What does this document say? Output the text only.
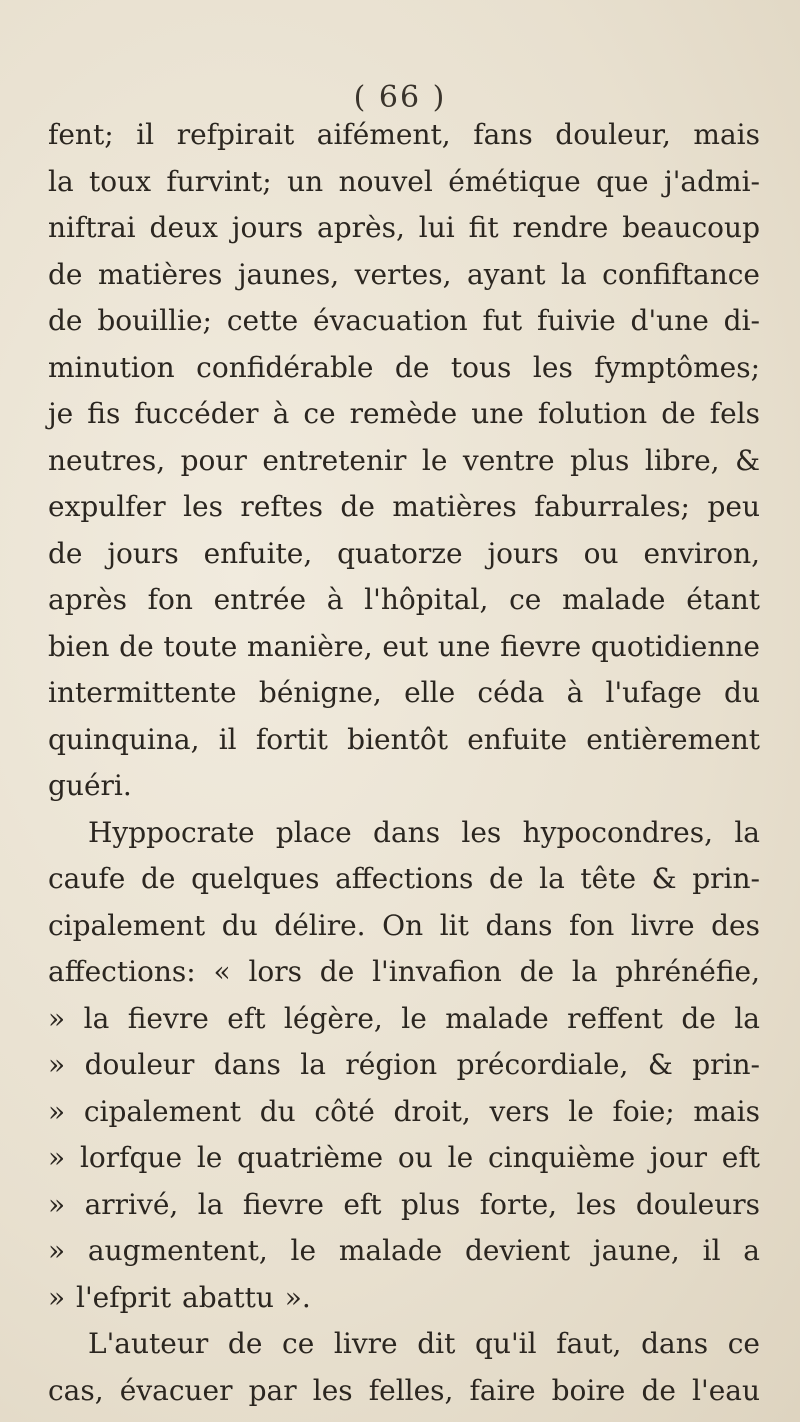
( 66 )
fent; il refpirait aifément, fans douleur, mais
la toux furvint; un nouvel émétique que j'admi-
niftrai deux jours après, lui fit rendre beaucoup
de matières jaunes, vertes, ayant la confiftance
de bouillie; cette évacuation fut fuivie d'une di-
minution confidérable de tous les fymptômes;
je fis fuccéder à ce remède une folution de fels
neutres, pour entretenir le ventre plus libre, &
expulfer les reftes de matières faburrales; peu
de jours enfuite, quatorze jours ou environ,
après fon entrée à l'hôpital, ce malade étant
bien de toute manière, eut une fievre quotidienne
intermittente bénigne, elle céda à l'ufage du
quinquina, il fortit bientôt enfuite entièrement
guéri.
Hyppocrate place dans les hypocondres, la
caufe de quelques affections de la tête & prin-
cipalement du délire. On lit dans fon livre des
affections: « lors de l'invafion de la phrénéfie,
» la fievre eft légère, le malade reffent de la
» douleur dans la région précordiale, & prin-
» cipalement du côté droit, vers le foie; mais
» lorfque le quatrième ou le cinquième jour eft
» arrivé, la fievre eft plus forte, les douleurs
» augmentent, le malade devient jaune, il a
» l'efprit abattu ».
L'auteur de ce livre dit qu'il faut, dans ce
cas, évacuer par les felles, faire boire de l'eau
